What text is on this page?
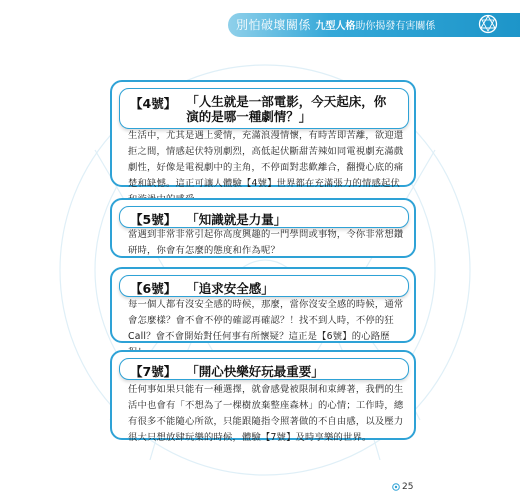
別怕破壞關係 九型人格助你揭發有害關係
【4號】 「人生就是一部電影，今天起床，你演的是哪一種劇情？」
生活中，尤其是遇上愛情，充滿浪漫情懷，有時苦即苦離，欲迎還拒之間，情感起伏特別劇烈，高低起伏斷甜苦辣如同電視劇充滿戲劇性，好像是電視劇中的主角，不停面對悲歡離合，翻攪心底的痛楚和缺憾。這正可讓人體驗【4號】世界都在充滿張力的情感起伏
【5號】 「知識就是力量」
當遇到非常非常引起你高度興趣的一門學問或事物，令你非常想鑽研時，你會有怎麼的態度和作為呢？
【6號】 「追求安全感」
每一個人都有沒安全感的時候，那麼，當你沒安全感的時候，通常會怎麼樣？會不會不停的確認再確認？！找不到人時，不停的狂Call？會不會開始對任何事有所懷疑？這正是【6號】的心路歷
【7號】 「開心快樂好玩最重要」
任何事如果只能有一種選擇，就會感覺被限制和束縛著，我們的生活中也會有「不想為了一棵樹放棄整座森林」的心情；工作時，總有很多不能隨心所欲，只能跟隨指令照著做的不自由感，以及壓力很大只想放肆玩樂的時候，體驗【7號】及時享樂的世界。
25
